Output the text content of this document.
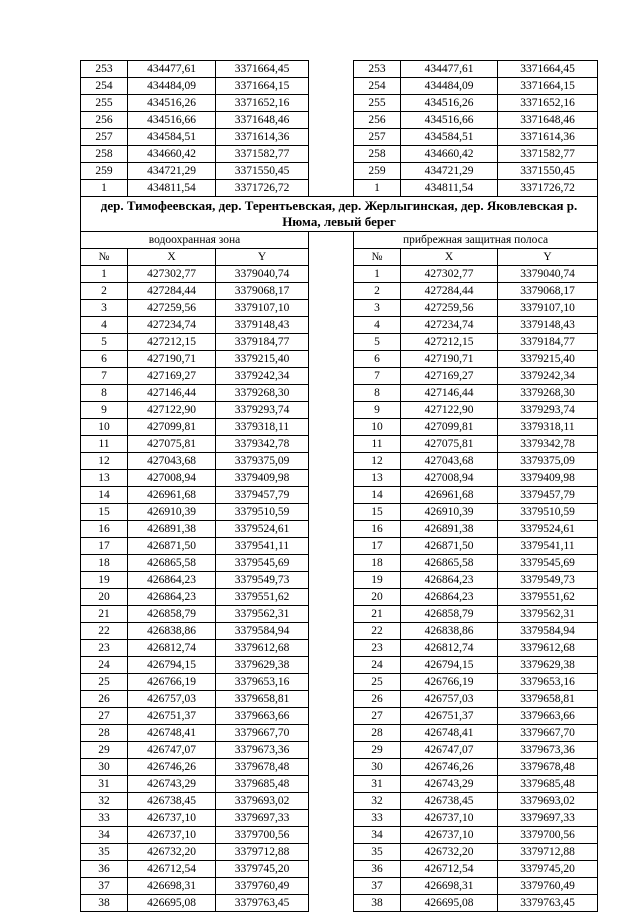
253	434477,61	3371664,45		253	434477,61	3371664,45
254	434484,09	3371664,15		254	434484,09	3371664,15
255	434516,26	3371652,16		255	434516,26	3371652,16
256	434516,66	3371648,46		256	434516,66	3371648,46
257	434584,51	3371614,36		257	434584,51	3371614,36
258	434660,42	3371582,77		258	434660,42	3371582,77
259	434721,29	3371550,45		259	434721,29	3371550,45
1	434811,54	3371726,72		1	434811,54	3371726,72
дер. Тимофеевская, дер. Терентьевская, дер. Жерлыгинская, дер. Яковлевская р. Нюма, левый берег						
водоохранная зона				прибрежная защитная полоса		
№	X	Y		№	X	Y
1	427302,77	3379040,74		1	427302,77	3379040,74
2	427284,44	3379068,17		2	427284,44	3379068,17
3	427259,56	3379107,10		3	427259,56	3379107,10
4	427234,74	3379148,43		4	427234,74	3379148,43
5	427212,15	3379184,77		5	427212,15	3379184,77
6	427190,71	3379215,40		6	427190,71	3379215,40
7	427169,27	3379242,34		7	427169,27	3379242,34
8	427146,44	3379268,30		8	427146,44	3379268,30
9	427122,90	3379293,74		9	427122,90	3379293,74
10	427099,81	3379318,11		10	427099,81	3379318,11
11	427075,81	3379342,78		11	427075,81	3379342,78
12	427043,68	3379375,09		12	427043,68	3379375,09
13	427008,94	3379409,98		13	427008,94	3379409,98
14	426961,68	3379457,79		14	426961,68	3379457,79
15	426910,39	3379510,59		15	426910,39	3379510,59
16	426891,38	3379524,61		16	426891,38	3379524,61
17	426871,50	3379541,11		17	426871,50	3379541,11
18	426865,58	3379545,69		18	426865,58	3379545,69
19	426864,23	3379549,73		19	426864,23	3379549,73
20	426864,23	3379551,62		20	426864,23	3379551,62
21	426858,79	3379562,31		21	426858,79	3379562,31
22	426838,86	3379584,94		22	426838,86	3379584,94
23	426812,74	3379612,68		23	426812,74	3379612,68
24	426794,15	3379629,38		24	426794,15	3379629,38
25	426766,19	3379653,16		25	426766,19	3379653,16
26	426757,03	3379658,81		26	426757,03	3379658,81
27	426751,37	3379663,66		27	426751,37	3379663,66
28	426748,41	3379667,70		28	426748,41	3379667,70
29	426747,07	3379673,36		29	426747,07	3379673,36
30	426746,26	3379678,48		30	426746,26	3379678,48
31	426743,29	3379685,48		31	426743,29	3379685,48
32	426738,45	3379693,02		32	426738,45	3379693,02
33	426737,10	3379697,33		33	426737,10	3379697,33
34	426737,10	3379700,56		34	426737,10	3379700,56
35	426732,20	3379712,88		35	426732,20	3379712,88
36	426712,54	3379745,20		36	426712,54	3379745,20
37	426698,31	3379760,49		37	426698,31	3379760,49
38	426695,08	3379763,45		38	426695,08	3379763,45
